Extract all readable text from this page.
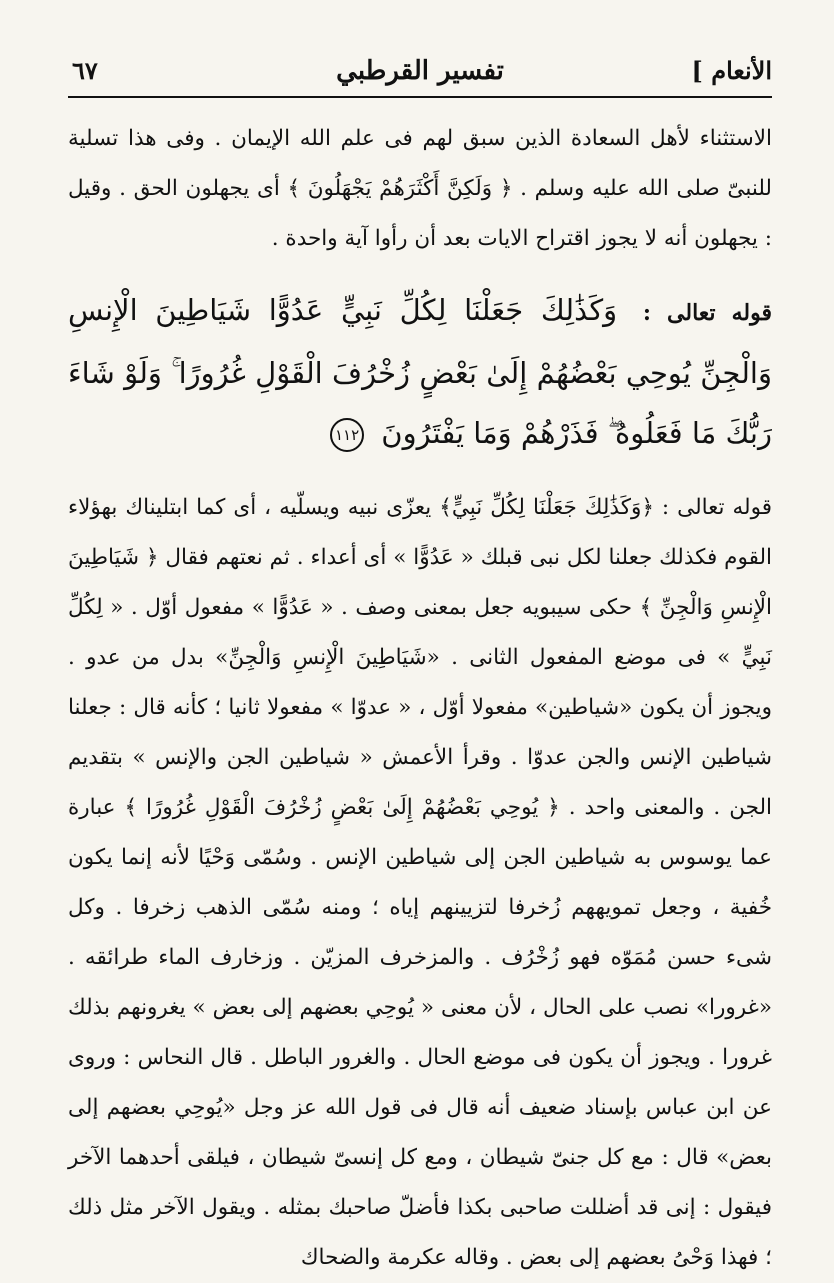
الأنعام ]
تفسير القرطبي
٦٧

الاستثناء لأهل السعادة الذين سبق لهم فى علم الله الإيمان . وفى هذا تسلية للنبىّ صلى الله عليه وسلم . ﴿ وَلَكِنَّ أَكْثَرَهُمْ يَجْهَلُونَ ﴾ أى يجهلون الحق . وقيل : يجهلون أنه لا يجوز اقتراح الايات بعد أن رأوا آية واحدة .

قوله تعالى : وَكَذَٰلِكَ جَعَلْنَا لِكُلِّ نَبِيٍّ عَدُوًّا شَيَاطِينَ الْإِنسِ وَالْجِنِّ يُوحِي بَعْضُهُمْ إِلَىٰ بَعْضٍ زُخْرُفَ الْقَوْلِ غُرُورًا ۚ وَلَوْ شَاءَ رَبُّكَ مَا فَعَلُوهُ ۖ فَذَرْهُمْ وَمَا يَفْتَرُونَ ١١٢

قوله تعالى : ﴿وَكَذَٰلِكَ جَعَلْنَا لِكُلِّ نَبِيٍّ﴾ يعزّى نبيه ويسلّيه ، أى كما ابتليناك بهؤلاء القوم فكذلك جعلنا لكل نبى قبلك « عَدُوًّا » أى أعداء . ثم نعتهم فقال ﴿ شَيَاطِينَ الْإِنسِ وَالْجِنِّ ﴾ حكى سيبويه جعل بمعنى وصف . « عَدُوًّا » مفعول أوّل . « لِكُلِّ نَبِيٍّ » فى موضع المفعول الثانى . «شَيَاطِينَ الْإِنسِ وَالْجِنِّ» بدل من عدو . ويجوز أن يكون «شياطين» مفعولا أوّل ، « عدوّا » مفعولا ثانيا ؛ كأنه قال : جعلنا شياطين الإنس والجن عدوّا . وقرأ الأعمش « شياطين الجن والإنس » بتقديم الجن . والمعنى واحد . ﴿ يُوحِي بَعْضُهُمْ إِلَىٰ بَعْضٍ زُخْرُفَ الْقَوْلِ غُرُورًا ﴾ عبارة عما يوسوس به شياطين الجن إلى شياطين الإنس . وسُمّى وَحْيًا لأنه إنما يكون خُفية ، وجعل تمويههم زُخرفا لتزيينهم إياه ؛ ومنه سُمّى الذهب زخرفا . وكل شىء حسن مُمَوّه فهو زُخْرُف . والمزخرف المزيّن . وزخارف الماء طرائقه . «غرورا» نصب على الحال ، لأن معنى « يُوحِي بعضهم إلى بعض » يغرونهم بذلك غرورا . ويجوز أن يكون فى موضع الحال . والغرور الباطل . قال النحاس : وروى عن ابن عباس بإسناد ضعيف أنه قال فى قول الله عز وجل «يُوحِي بعضهم إلى بعض» قال : مع كل جنىّ شيطان ، ومع كل إنسىّ شيطان ، فيلقى أحدهما الآخر فيقول : إنى قد أضللت صاحبى بكذا فأضلّ صاحبك بمثله . ويقول الآخر مثل ذلك ؛ فهذا وَحْىُ بعضهم إلى بعض . وقاله عكرمة والضحاك
